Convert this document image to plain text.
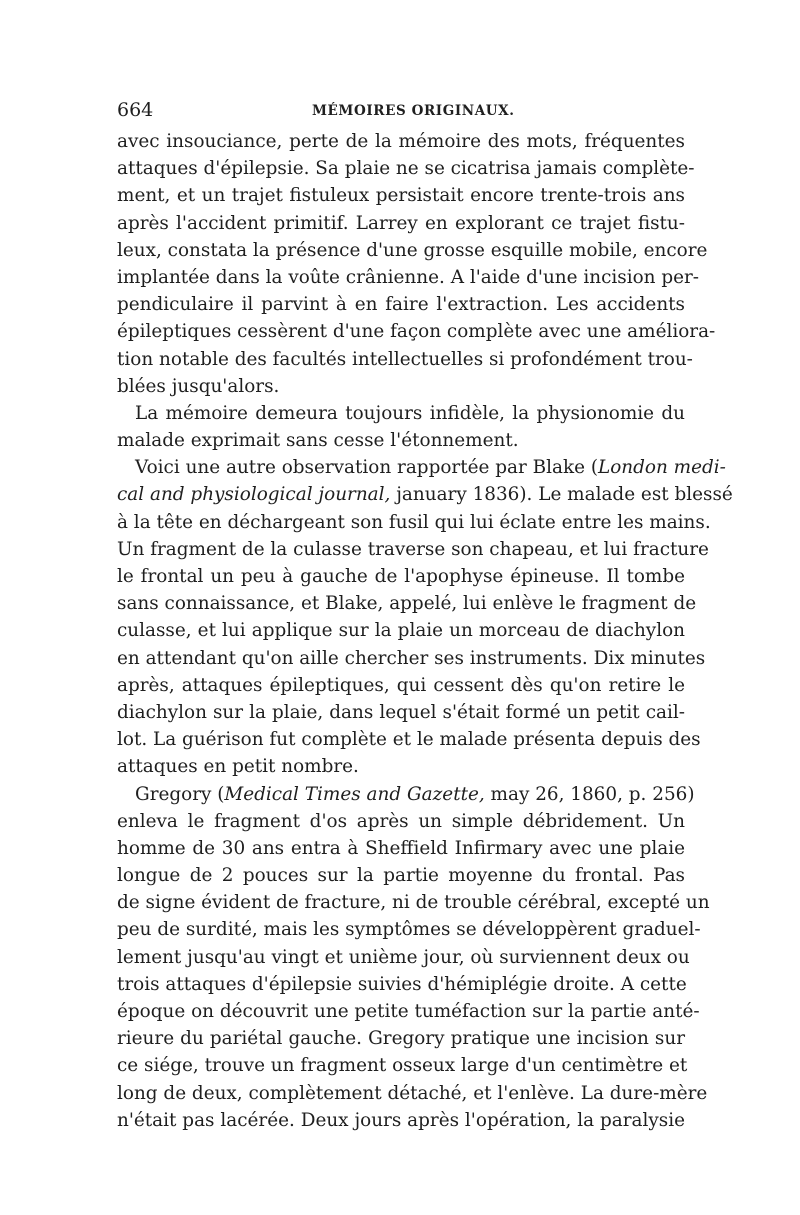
664	MÉMOIRES ORIGINAUX.
avec insouciance, perte de la mémoire des mots, fréquentes
attaques d'épilepsie. Sa plaie ne se cicatrisa jamais complète-
ment, et un trajet fistuleux persistait encore trente-trois ans
après l'accident primitif. Larrey en explorant ce trajet fistu-
leux, constata la présence d'une grosse esquille mobile, encore
implantée dans la voûte crânienne. A l'aide d'une incision per-
pendiculaire il parvint à en faire l'extraction. Les accidents
épileptiques cessèrent d'une façon complète avec une améliora-
tion notable des facultés intellectuelles si profondément trou-
blées jusqu'alors.
La mémoire demeura toujours infidèle, la physionomie du
malade exprimait sans cesse l'étonnement.
Voici une autre observation rapportée par Blake (London medi-
cal and physiological journal, january 1836). Le malade est blessé
à la tête en déchargeant son fusil qui lui éclate entre les mains.
Un fragment de la culasse traverse son chapeau, et lui fracture
le frontal un peu à gauche de l'apophyse épineuse. Il tombe
sans connaissance, et Blake, appelé, lui enlève le fragment de
culasse, et lui applique sur la plaie un morceau de diachylon
en attendant qu'on aille chercher ses instruments. Dix minutes
après, attaques épileptiques, qui cessent dès qu'on retire le
diachylon sur la plaie, dans lequel s'était formé un petit cail-
lot. La guérison fut complète et le malade présenta depuis des
attaques en petit nombre.
Gregory (Medical Times and Gazette, may 26, 1860, p. 256)
enleva le fragment d'os après un simple débridement. Un
homme de 30 ans entra à Sheffield Infirmary avec une plaie
longue de 2 pouces sur la partie moyenne du frontal. Pas
de signe évident de fracture, ni de trouble cérébral, excepté un
peu de surdité, mais les symptômes se développèrent graduel-
lement jusqu'au vingt et unième jour, où surviennent deux ou
trois attaques d'épilepsie suivies d'hémiplégie droite. A cette
époque on découvrit une petite tuméfaction sur la partie anté-
rieure du pariétal gauche. Gregory pratique une incision sur
ce siége, trouve un fragment osseux large d'un centimètre et
long de deux, complètement détaché, et l'enlève. La dure-mère
n'était pas lacérée. Deux jours après l'opération, la paralysie
